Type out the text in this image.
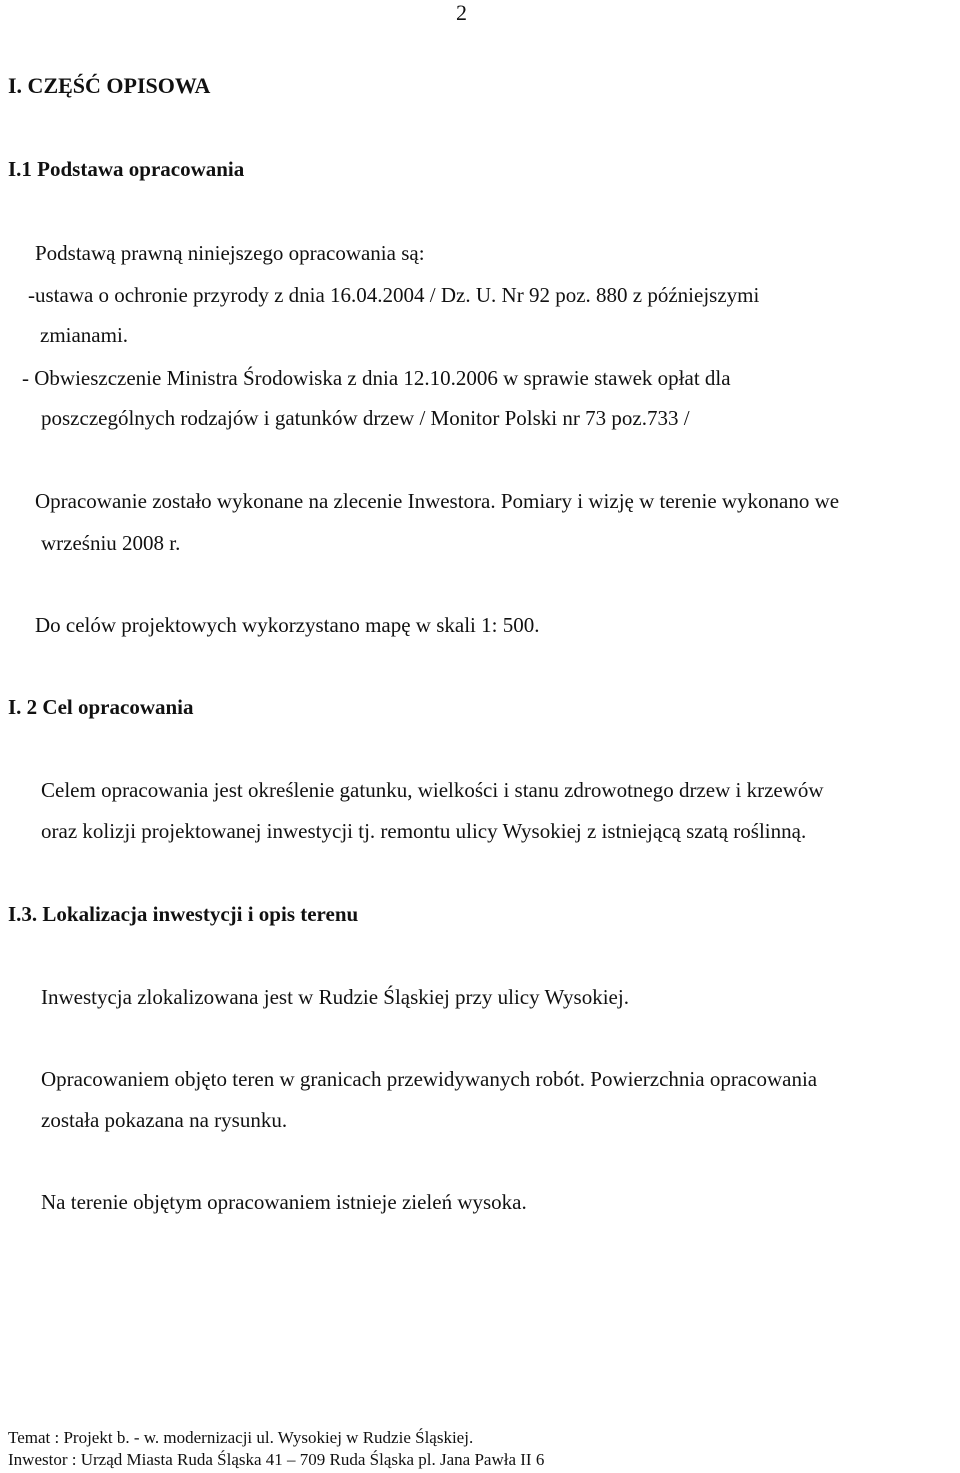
2
I. CZĘŚĆ OPISOWA
I.1 Podstawa opracowania
Podstawą prawną niniejszego opracowania są:
-ustawa o ochronie przyrody z dnia 16.04.2004 / Dz. U. Nr 92 poz. 880 z późniejszymi
zmianami.
- Obwieszczenie Ministra Środowiska z dnia 12.10.2006 w sprawie stawek opłat dla
poszczególnych rodzajów i gatunków drzew / Monitor Polski nr 73 poz.733 /
Opracowanie zostało wykonane na zlecenie Inwestora. Pomiary i wizję w terenie wykonano we
wrześniu 2008 r.
Do celów projektowych wykorzystano mapę w skali 1: 500.
I. 2 Cel opracowania
Celem opracowania jest określenie gatunku, wielkości i stanu zdrowotnego drzew i krzewów
oraz kolizji projektowanej inwestycji tj. remontu ulicy Wysokiej z istniejącą szatą roślinną.
I.3. Lokalizacja inwestycji i opis terenu
Inwestycja zlokalizowana jest w Rudzie Śląskiej przy ulicy Wysokiej.
Opracowaniem objęto teren w granicach przewidywanych robót. Powierzchnia opracowania
została pokazana na rysunku.
Na terenie objętym opracowaniem istnieje zieleń wysoka.
Temat : Projekt b. - w. modernizacji ul. Wysokiej w Rudzie Śląskiej.
Inwestor : Urząd Miasta Ruda Śląska 41 – 709 Ruda Śląska pl. Jana Pawła II 6
